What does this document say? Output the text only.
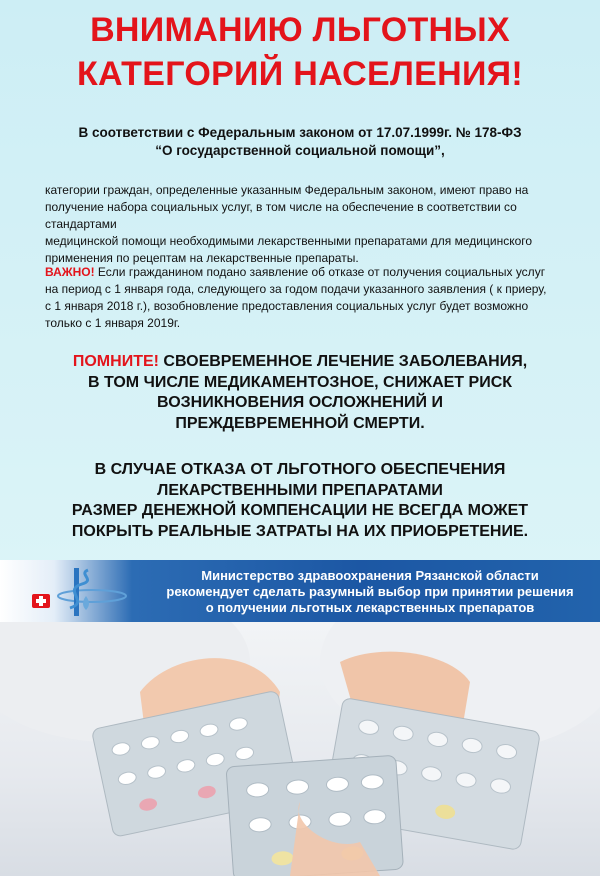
ВНИМАНИЮ ЛЬГОТНЫХ
КАТЕГОРИЙ НАСЕЛЕНИЯ!
В соответствии с Федеральным законом от 17.07.1999г. № 178-ФЗ
“О государственной социальной помощи”,
категории граждан, определенные указанным Федеральным законом, имеют право на
получение набора социальных услуг, в том числе на обеспечение в соответствии со стандартами
медицинской помощи необходимыми лекарственными препаратами для медицинского
применения по рецептам на лекарственные препараты.
ВАЖНО! Если гражданином подано заявление об отказе от получения социальных услуг
на период с 1 января года, следующего за годом подачи указанного заявления ( к приеру,
с 1 января 2018 г.), возобновление предоставления социальных услуг будет возможно
только с 1 января 2019г.
ПОМНИТЕ! СВОЕВРЕМЕННОЕ ЛЕЧЕНИЕ ЗАБОЛЕВАНИЯ,
В ТОМ ЧИСЛЕ МЕДИКАМЕНТОЗНОЕ, СНИЖАЕТ РИСК
ВОЗНИКНОВЕНИЯ ОСЛОЖНЕНИЙ И
ПРЕЖДЕВРЕМЕННОЙ СМЕРТИ.
В СЛУЧАЕ ОТКАЗА ОТ ЛЬГОТНОГО ОБЕСПЕЧЕНИЯ
ЛЕКАРСТВЕННЫМИ ПРЕПАРАТАМИ
РАЗМЕР ДЕНЕЖНОЙ КОМПЕНСАЦИИ НЕ ВСЕГДА МОЖЕТ
ПОКРЫТЬ РЕАЛЬНЫЕ ЗАТРАТЫ НА ИХ ПРИОБРЕТЕНИЕ.
Министерство здравоохранения Рязанской области
рекомендует сделать разумный выбор при принятии решения
о получении льготных лекарственных препаратов
